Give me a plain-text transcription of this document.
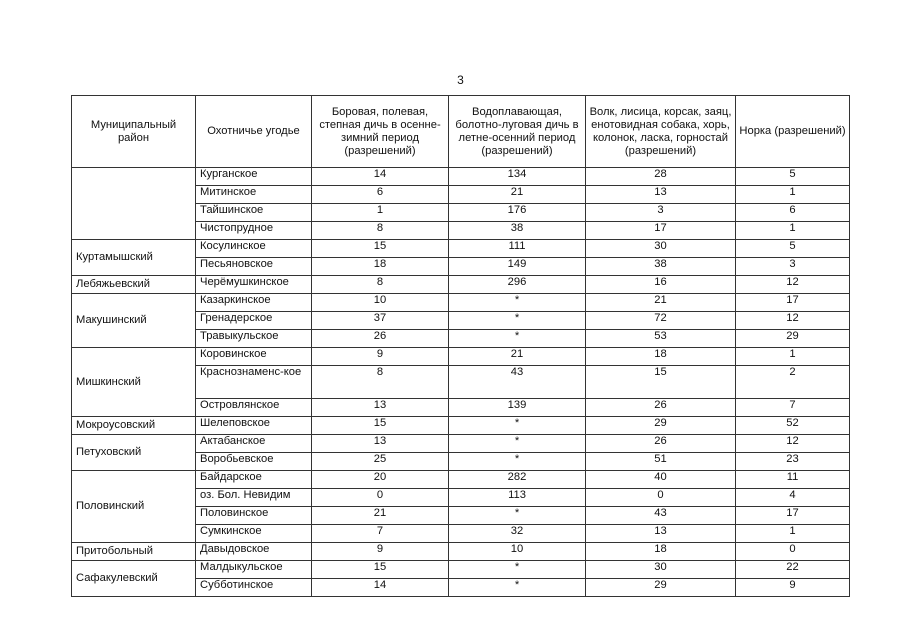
3
Муниципальный район	Охотничье угодье	Боровая, полевая, степная дичь в осенне-зимний период (разрешений)	Водоплавающая, болотно-луговая дичь в летне-осенний период (разрешений)	Волк, лисица, корсак, заяц, енотовидная собака, хорь, колонок, ласка, горностай (разрешений)	Норка (разрешений)
	Курганское	14	134	28	5
	Митинское	6	21	13	1
	Тайшинское	1	176	3	6
	Чистопрудное	8	38	17	1
Куртамышский	Косулинское	15	111	30	5
	Песьяновское	18	149	38	3
Лебяжьевский	Черёмушкинское	8	296	16	12
Макушинский	Казаркинское	10	*	21	17
	Гренадерское	37	*	72	12
	Травыкульское	26	*	53	29
Мишкинский	Коровинское	9	21	18	1
	Краснознаменс-кое	8	43	15	2
	Островлянское	13	139	26	7
Мокроусовский	Шелеповское	15	*	29	52
Петуховский	Актабанское	13	*	26	12
	Воробьевское	25	*	51	23
Половинский	Байдарское	20	282	40	11
	оз. Бол. Невидим	0	113	0	4
	Половинское	21	*	43	17
	Сумкинское	7	32	13	1
Притобольный	Давыдовское	9	10	18	0
Сафакулевский	Малдыкульское	15	*	30	22
	Субботинское	14	*	29	9
